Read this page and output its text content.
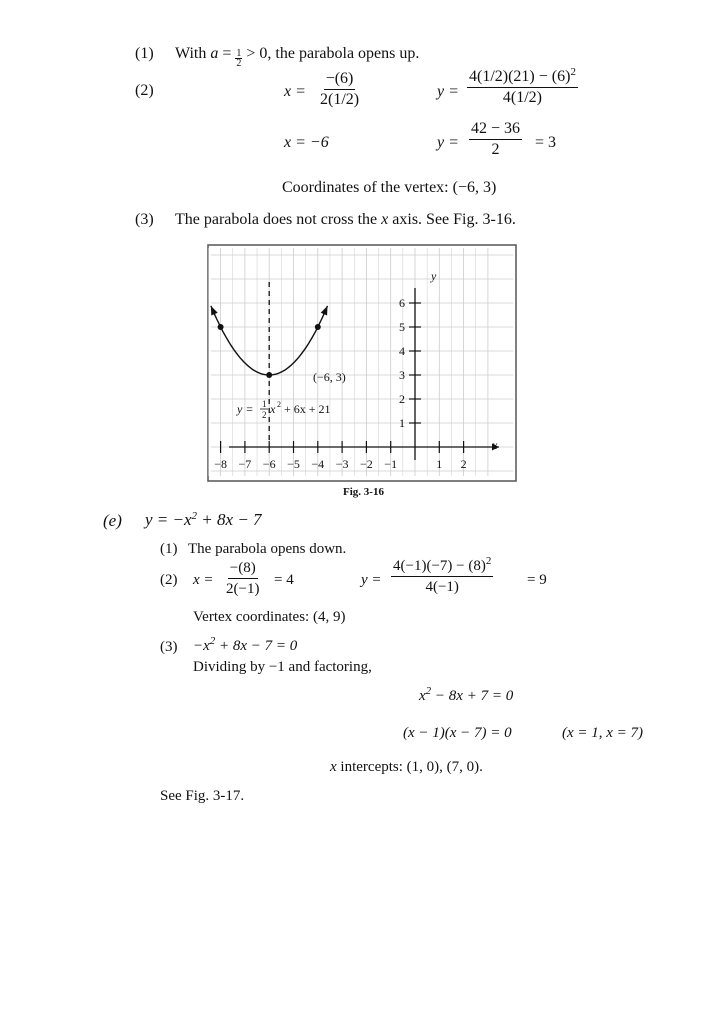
(1) With $a = \frac{1}{2} > 0$, the parabola opens up.
(2)	$x = \frac{-(6)}{2(1/2)}$	$y = \frac{4(1/2)(21) - (6)^2}{4(1/2)}$
x = −6	$y = \frac{42 - 36}{2} = 3$
Coordinates of the vertex: (−6, 3)
(3) The parabola does not cross the x axis. See Fig. 3-16.
−8 −7 −6 −5 −4 −3 −2 −1	1 2
1
2
3
4
5
6
y
x
(−6, 3)
y = 1
2 x 2 + 6x + 21
Fig. 3-16
(e) $y = -x^2 + 8x - 7$
(1) The parabola opens down.
(2) $x = \frac{-(8)}{2(-1)} = 4$	$y = \frac{4(-1)(-7) - (8)^2}{4(-1)} = 9$
Vertex coordinates: (4, 9)
$(3) -x^2 + 8x - 7 = 0$
Dividing by −1 and factoring,
$x^2 - 8x + 7 = 0$
(x − 1)(x − 7) = 0	(x = 1, x = 7)
x intercepts: (1, 0), (7, 0).
See Fig. 3-17.
